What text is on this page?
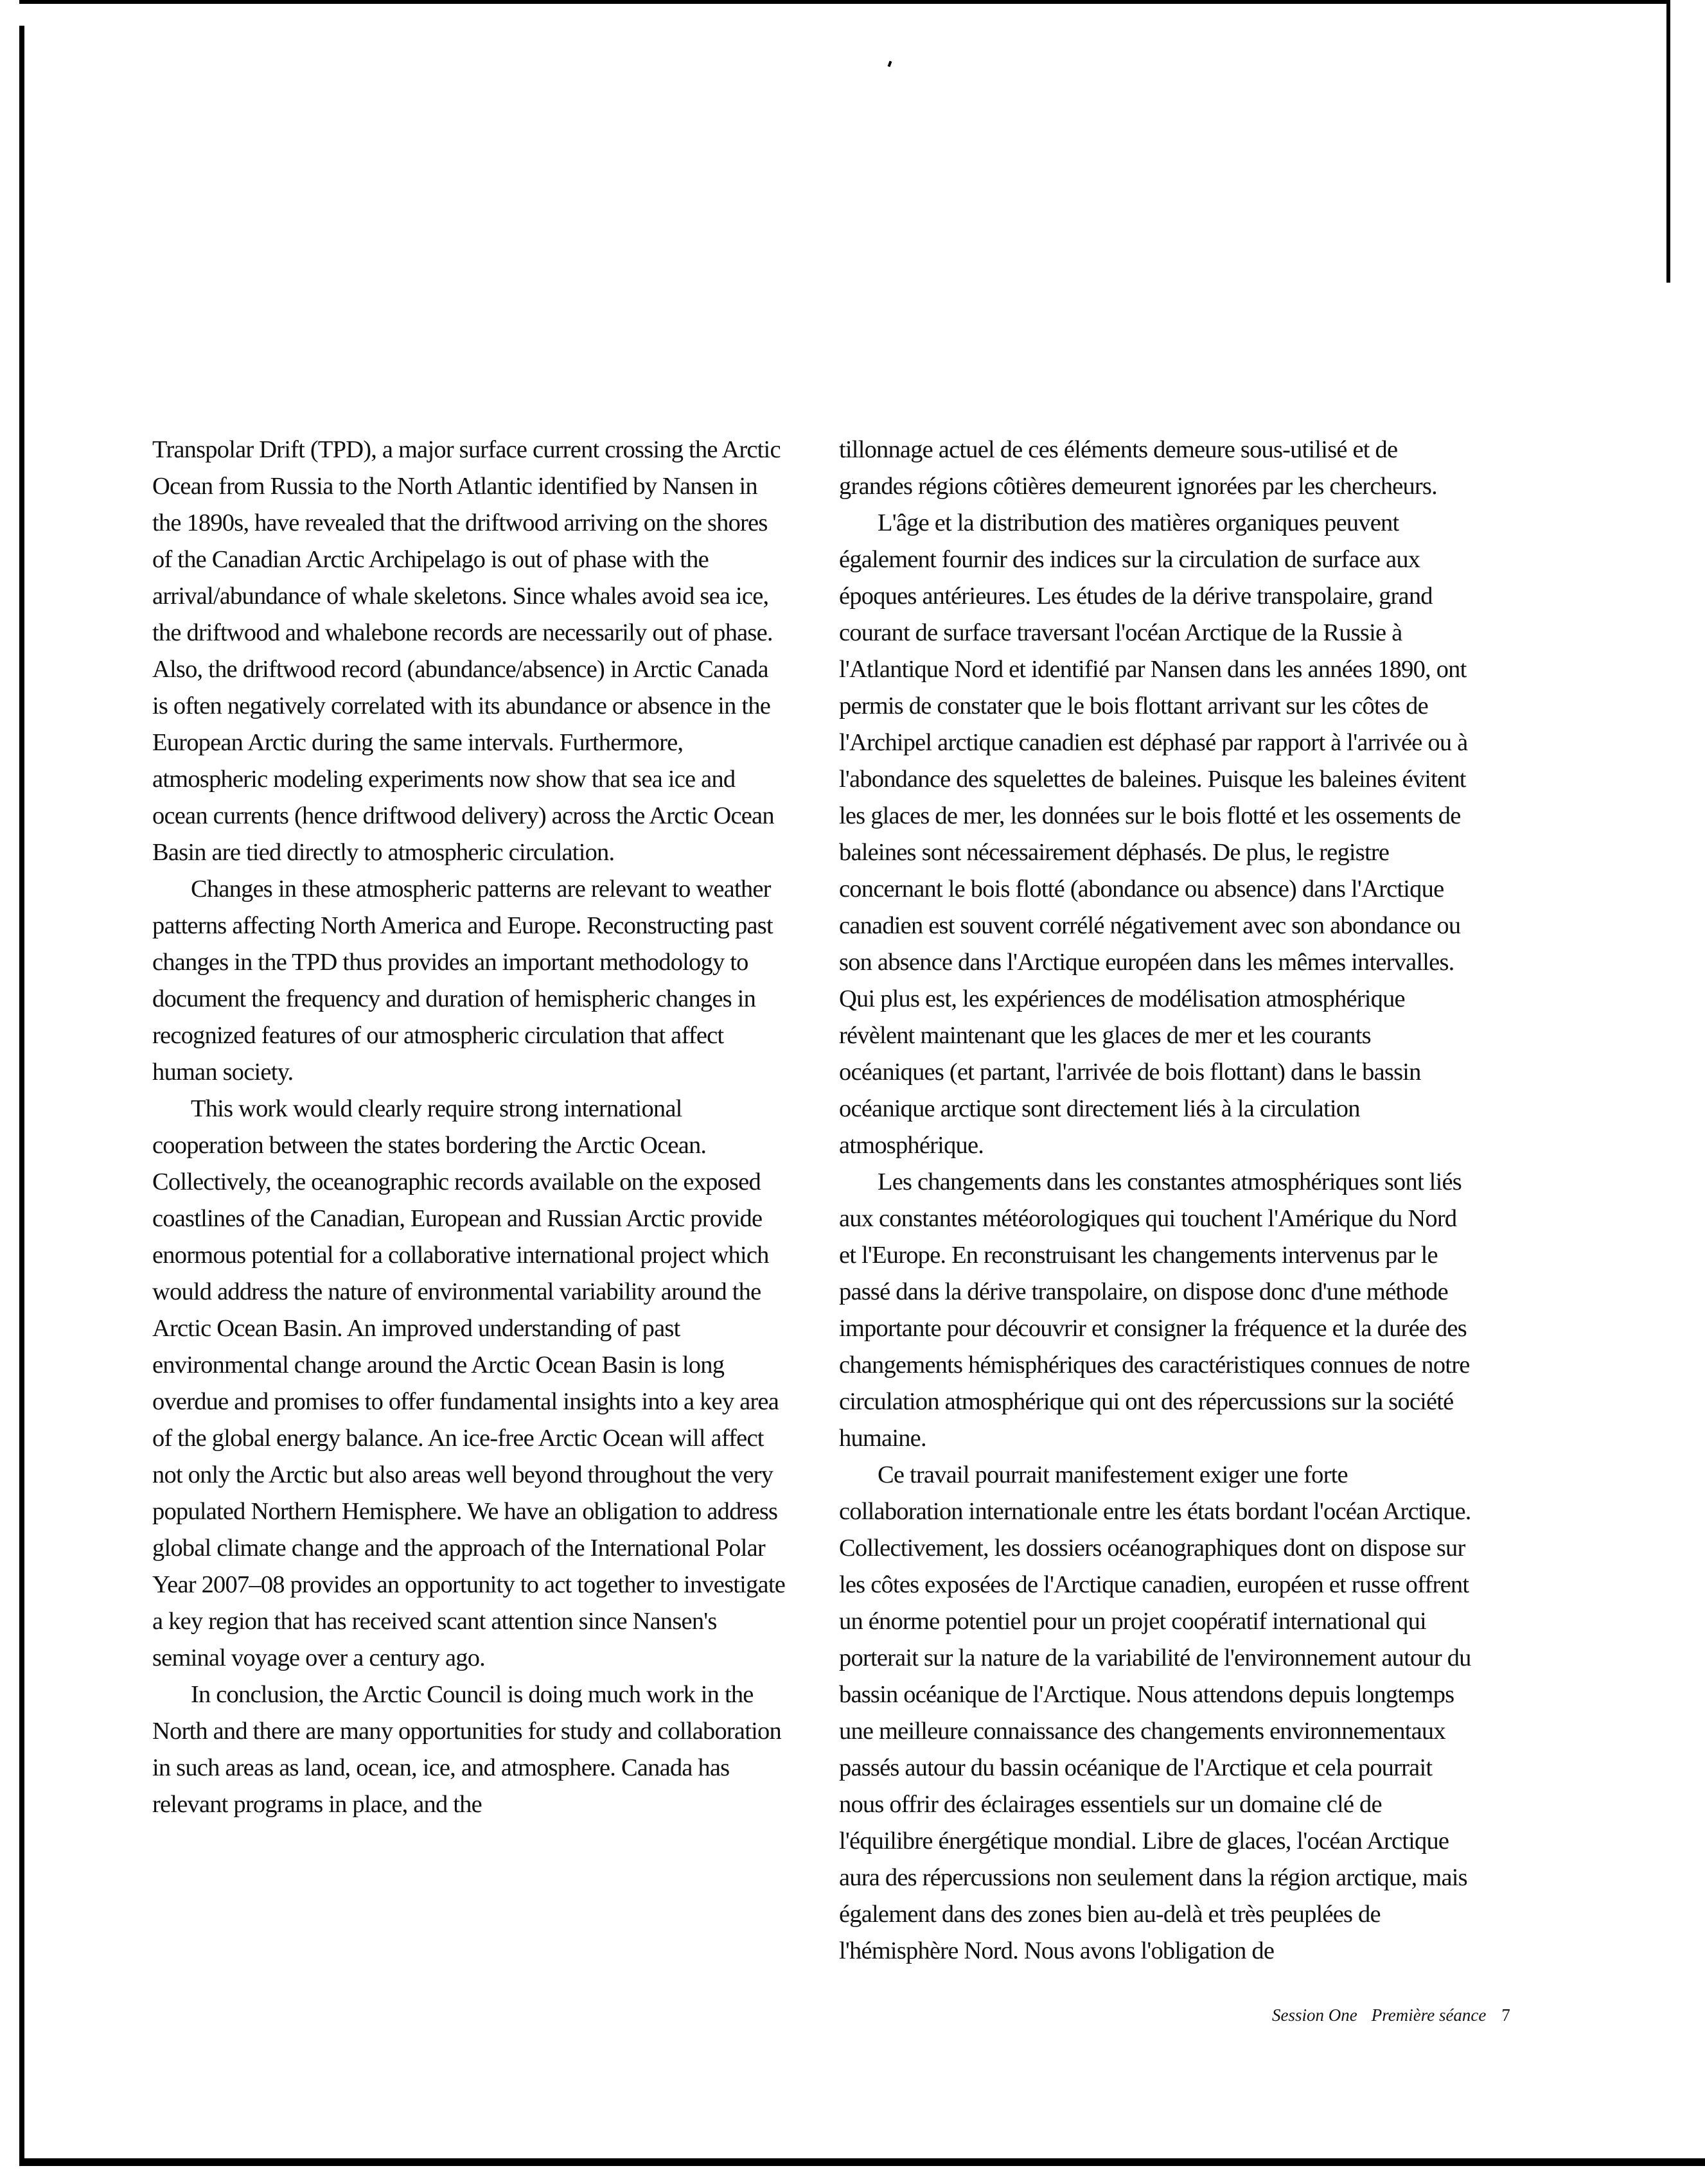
Transpolar Drift (TPD), a major surface current crossing the Arctic Ocean from Russia to the North Atlantic identified by Nansen in the 1890s, have revealed that the driftwood arriving on the shores of the Canadian Arctic Archipelago is out of phase with the arrival/abundance of whale skeletons. Since whales avoid sea ice, the driftwood and whalebone records are necessarily out of phase. Also, the driftwood record (abundance/absence) in Arctic Canada is often negatively correlated with its abundance or absence in the European Arctic during the same intervals. Furthermore, atmospheric modeling experiments now show that sea ice and ocean currents (hence driftwood delivery) across the Arctic Ocean Basin are tied directly to atmospheric circulation.

Changes in these atmospheric patterns are relevant to weather patterns affecting North America and Europe. Reconstructing past changes in the TPD thus provides an important methodology to document the frequency and duration of hemispheric changes in recognized features of our atmospheric circulation that affect human society.

This work would clearly require strong international cooperation between the states bordering the Arctic Ocean. Collectively, the oceanographic records available on the exposed coastlines of the Canadian, European and Russian Arctic provide enormous potential for a collaborative international project which would address the nature of environmental variability around the Arctic Ocean Basin. An improved understanding of past environmental change around the Arctic Ocean Basin is long overdue and promises to offer fundamental insights into a key area of the global energy balance. An ice-free Arctic Ocean will affect not only the Arctic but also areas well beyond throughout the very populated Northern Hemisphere. We have an obligation to address global climate change and the approach of the International Polar Year 2007–08 provides an opportunity to act together to investigate a key region that has received scant attention since Nansen's seminal voyage over a century ago.

In conclusion, the Arctic Council is doing much work in the North and there are many opportunities for study and collaboration in such areas as land, ocean, ice, and atmosphere. Canada has relevant programs in place, and the

tillonnage actuel de ces éléments demeure sous-utilisé et de grandes régions côtières demeurent ignorées par les chercheurs.

L'âge et la distribution des matières organiques peuvent également fournir des indices sur la circulation de surface aux époques antérieures. Les études de la dérive transpolaire, grand courant de surface traversant l'océan Arctique de la Russie à l'Atlantique Nord et identifié par Nansen dans les années 1890, ont permis de constater que le bois flottant arrivant sur les côtes de l'Archipel arctique canadien est déphasé par rapport à l'arrivée ou à l'abondance des squelettes de baleines. Puisque les baleines évitent les glaces de mer, les données sur le bois flotté et les ossements de baleines sont nécessairement déphasés. De plus, le registre concernant le bois flotté (abondance ou absence) dans l'Arctique canadien est souvent corrélé négativement avec son abondance ou son absence dans l'Arctique européen dans les mêmes intervalles. Qui plus est, les expériences de modélisation atmosphérique révèlent maintenant que les glaces de mer et les courants océaniques (et partant, l'arrivée de bois flottant) dans le bassin océanique arctique sont directement liés à la circulation atmosphérique.

Les changements dans les constantes atmosphériques sont liés aux constantes météorologiques qui touchent l'Amérique du Nord et l'Europe. En reconstruisant les changements intervenus par le passé dans la dérive transpolaire, on dispose donc d'une méthode importante pour découvrir et consigner la fréquence et la durée des changements hémisphériques des caractéristiques connues de notre circulation atmosphérique qui ont des répercussions sur la société humaine.

Ce travail pourrait manifestement exiger une forte collaboration internationale entre les états bordant l'océan Arctique. Collectivement, les dossiers océanographiques dont on dispose sur les côtes exposées de l'Arctique canadien, européen et russe offrent un énorme potentiel pour un projet coopératif international qui porterait sur la nature de la variabilité de l'environnement autour du bassin océanique de l'Arctique. Nous attendons depuis longtemps une meilleure connaissance des changements environnementaux passés autour du bassin océanique de l'Arctique et cela pourrait nous offrir des éclairages essentiels sur un domaine clé de l'équilibre énergétique mondial. Libre de glaces, l'océan Arctique aura des répercussions non seulement dans la région arctique, mais également dans des zones bien au-delà et très peuplées de l'hémisphère Nord. Nous avons l'obligation de

Session One Première séance 7
